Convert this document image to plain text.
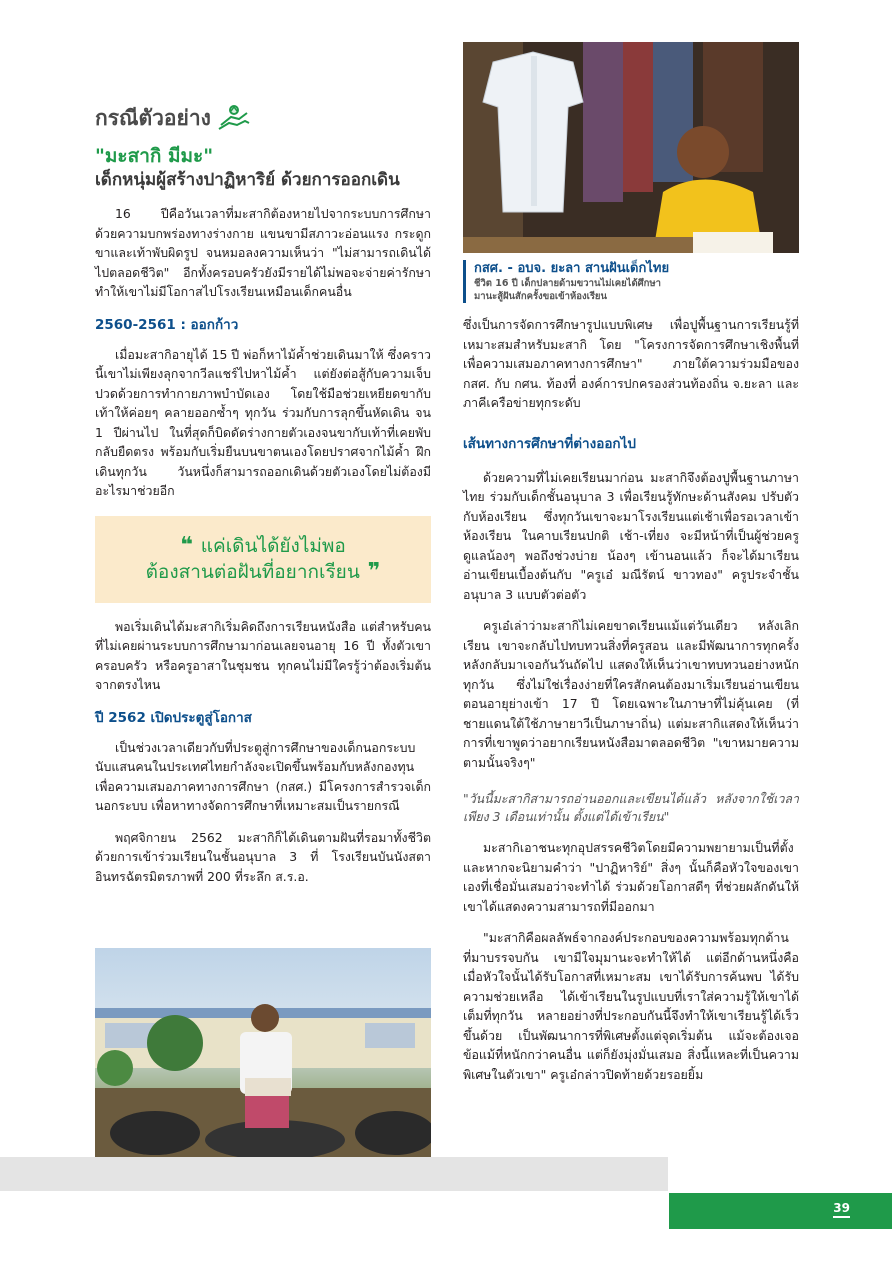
กรณีตัวอย่าง
"มะสากิ มีมะ"
เด็กหนุ่มผู้สร้างปาฏิหาริย์ ด้วยการออกเดิน

16 ปีคือวันเวลาที่มะสากิต้องหายไปจากระบบการศึกษา ด้วยความบกพร่องทางร่างกาย แขนขามีสภาวะอ่อนแรง กระดูกขาและเท้าพับผิดรูป จนหมอลงความเห็นว่า "ไม่สามารถเดินได้ไปตลอดชีวิต" อีกทั้งครอบครัวยังมีรายได้ไม่พอจะจ่ายค่ารักษา ทำให้เขาไม่มีโอกาสไปโรงเรียนเหมือนเด็กคนอื่น

2560-2561 : ออกก้าว

เมื่อมะสากิอายุได้ 15 ปี พ่อก็หาไม้ค้ำช่วยเดินมาให้ ซึ่งคราวนี้เขาไม่เพียงลุกจากวีลแชร์ไปหาไม้ค้ำ แต่ยังต่อสู้กับความเจ็บปวดด้วยการทำกายภาพบำบัดเอง โดยใช้มือช่วยเหยียดขากับเท้าให้ค่อยๆ คลายออกซ้ำๆ ทุกวัน ร่วมกับการลุกขึ้นหัดเดิน จน 1 ปีผ่านไป ในที่สุดก็บิดดัดร่างกายตัวเองจนขากับเท้าที่เคยพับกลับยืดตรง พร้อมกับเริ่มยืนบนขาตนเองโดยปราศจากไม้ค้ำ ฝึกเดินทุกวัน วันหนึ่งก็สามารถออกเดินด้วยตัวเองโดยไม่ต้องมีอะไรมาช่วยอีก

❝ แค่เดินได้ยังไม่พอ
ต้องสานต่อฝันที่อยากเรียน ❞

พอเริ่มเดินได้มะสากิเริ่มคิดถึงการเรียนหนังสือ แต่สำหรับคนที่ไม่เคยผ่านระบบการศึกษามาก่อนเลยจนอายุ 16 ปี ทั้งตัวเขา ครอบครัว หรือครูอาสาในชุมชน ทุกคนไม่มีใครรู้ว่าต้องเริ่มต้นจากตรงไหน

ปี 2562 เปิดประตูสู่โอกาส

เป็นช่วงเวลาเดียวกับที่ประตูสู่การศึกษาของเด็กนอกระบบนับแสนคนในประเทศไทยกำลังจะเปิดขึ้นพร้อมกับหลังกองทุนเพื่อความเสมอภาคทางการศึกษา (กสศ.) มีโครงการสำรวจเด็กนอกระบบ เพื่อหาทางจัดการศึกษาที่เหมาะสมเป็นรายกรณี

พฤศจิกายน 2562 มะสากิก็ได้เดินตามฝันที่รอมาทั้งชีวิต ด้วยการเข้าร่วมเรียนในชั้นอนุบาล 3 ที่ โรงเรียนบันนังสตาอินทรฉัตรมิตรภาพที่ 200 ที่ระลึก ส.ร.อ.

กสศ. - อบจ. ยะลา สานฝันเด็กไทย
ชีวิต 16 ปี เด็กปลายด้ามขวานไม่เคยได้ศึกษา
มานะสู้ฝันสักครั้งขอเข้าห้องเรียน

ซึ่งเป็นการจัดการศึกษารูปแบบพิเศษ เพื่อปูพื้นฐานการเรียนรู้ที่เหมาะสมสำหรับมะสากิ โดย "โครงการจัดการศึกษาเชิงพื้นที่เพื่อความเสมอภาคทางการศึกษา" ภายใต้ความร่วมมือของ กสศ. กับ กศน. ท้องที่ องค์การปกครองส่วนท้องถิ่น จ.ยะลา และภาคีเครือข่ายทุกระดับ

เส้นทางการศึกษาที่ต่างออกไป

ด้วยความที่ไม่เคยเรียนมาก่อน มะสากิจึงต้องปูพื้นฐานภาษาไทย ร่วมกับเด็กชั้นอนุบาล 3 เพื่อเรียนรู้ทักษะด้านสังคม ปรับตัวกับห้องเรียน ซึ่งทุกวันเขาจะมาโรงเรียนแต่เช้าเพื่อรอเวลาเข้าห้องเรียน ในคาบเรียนปกติ เช้า-เที่ยง จะมีหน้าที่เป็นผู้ช่วยครูดูแลน้องๆ พอถึงช่วงบ่าย น้องๆ เข้านอนแล้ว ก็จะได้มาเรียนอ่านเขียนเบื้องต้นกับ "ครูเอ๋ มณีรัตน์ ขาวทอง" ครูประจำชั้นอนุบาล 3 แบบตัวต่อตัว

ครูเอ๋เล่าว่ามะสากิไม่เคยขาดเรียนแม้แต่วันเดียว หลังเลิกเรียน เขาจะกลับไปทบทวนสิ่งที่ครูสอน และมีพัฒนาการทุกครั้งหลังกลับมาเจอกันวันถัดไป แสดงให้เห็นว่าเขาทบทวนอย่างหนักทุกวัน ซึ่งไม่ใช่เรื่องง่ายที่ใครสักคนต้องมาเริ่มเรียนอ่านเขียนตอนอายุย่างเข้า 17 ปี โดยเฉพาะในภาษาที่ไม่คุ้นเคย (ที่ชายแดนใต้ใช้ภาษายาวีเป็นภาษาถิ่น) แต่มะสากิแสดงให้เห็นว่า การที่เขาพูดว่าอยากเรียนหนังสือมาตลอดชีวิต "เขาหมายความตามนั้นจริงๆ"

"วันนี้มะสากิสามารถอ่านออกและเขียนได้แล้ว หลังจากใช้เวลาเพียง 3 เดือนเท่านั้น ตั้งแต่ได้เข้าเรียน"

มะสากิเอาชนะทุกอุปสรรคชีวิตโดยมีความพยายามเป็นที่ตั้ง และหากจะนิยามคำว่า "ปาฏิหาริย์" สิ่งๆ นั้นก็คือหัวใจของเขาเองที่เชื่อมั่นเสมอว่าจะทำได้ ร่วมด้วยโอกาสดีๆ ที่ช่วยผลักดันให้เขาได้แสดงความสามารถที่มีออกมา

"มะสากิคือผลลัพธ์จากองค์ประกอบของความพร้อมทุกด้านที่มาบรรจบกัน เขามีใจมุมานะจะทำให้ได้ แต่อีกด้านหนึ่งคือ เมื่อหัวใจนั้นได้รับโอกาสที่เหมาะสม เขาได้รับการค้นพบ ได้รับความช่วยเหลือ ได้เข้าเรียนในรูปแบบที่เราใส่ความรู้ให้เขาได้เต็มที่ทุกวัน หลายอย่างที่ประกอบกันนี้จึงทำให้เขาเรียนรู้ได้เร็วขึ้นด้วย เป็นพัฒนาการที่พิเศษตั้งแต่จุดเริ่มต้น แม้จะต้องเจอข้อแม้ที่หนักกว่าคนอื่น แต่ก็ยังมุ่งมั่นเสมอ สิ่งนี้แหละที่เป็นความพิเศษในตัวเขา" ครูเอ๋กล่าวปิดท้ายด้วยรอยยิ้ม

39
